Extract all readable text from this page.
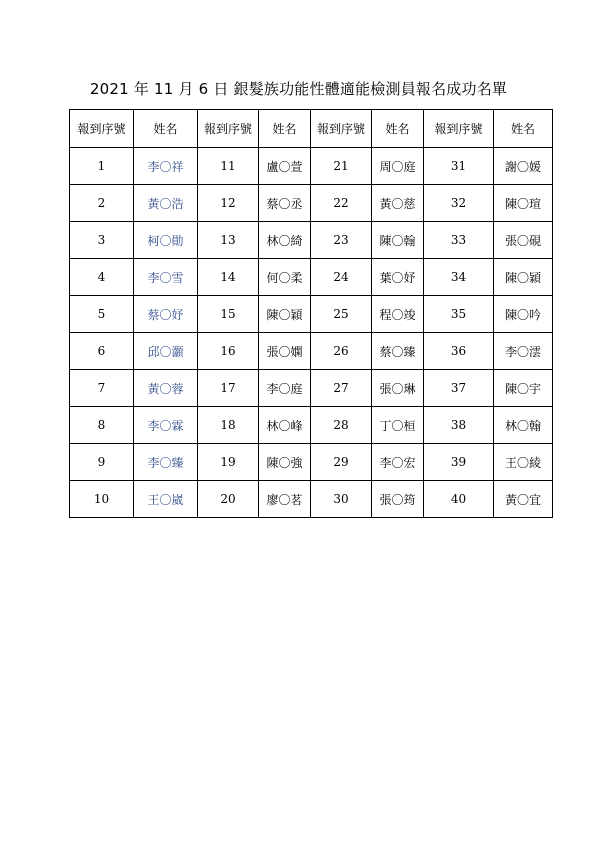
2021 年 11 月 6 日 銀髮族功能性體適能檢測員報名成功名單
報到序號	姓名	報到序號	姓名	報到序號	姓名	報到序號	姓名
1	李〇祥	11	盧〇萱	21	周〇庭	31	謝〇媛
2	黃〇浩	12	蔡〇丞	22	黃〇慈	32	陳〇瑄
3	柯〇勛	13	林〇綺	23	陳〇翰	33	張〇硯
4	李〇雪	14	何〇柔	24	葉〇妤	34	陳〇穎
5	蔡〇妤	15	陳〇穎	25	程〇竣	35	陳〇吟
6	邱〇灝	16	張〇嫻	26	蔡〇臻	36	李〇澐
7	黃〇蓉	17	李〇庭	27	張〇琳	37	陳〇宇
8	李〇霖	18	林〇峰	28	丁〇桓	38	林〇翰
9	李〇臻	19	陳〇強	29	李〇宏	39	王〇綾
10	王〇崴	20	廖〇茗	30	張〇筠	40	黃〇宜
